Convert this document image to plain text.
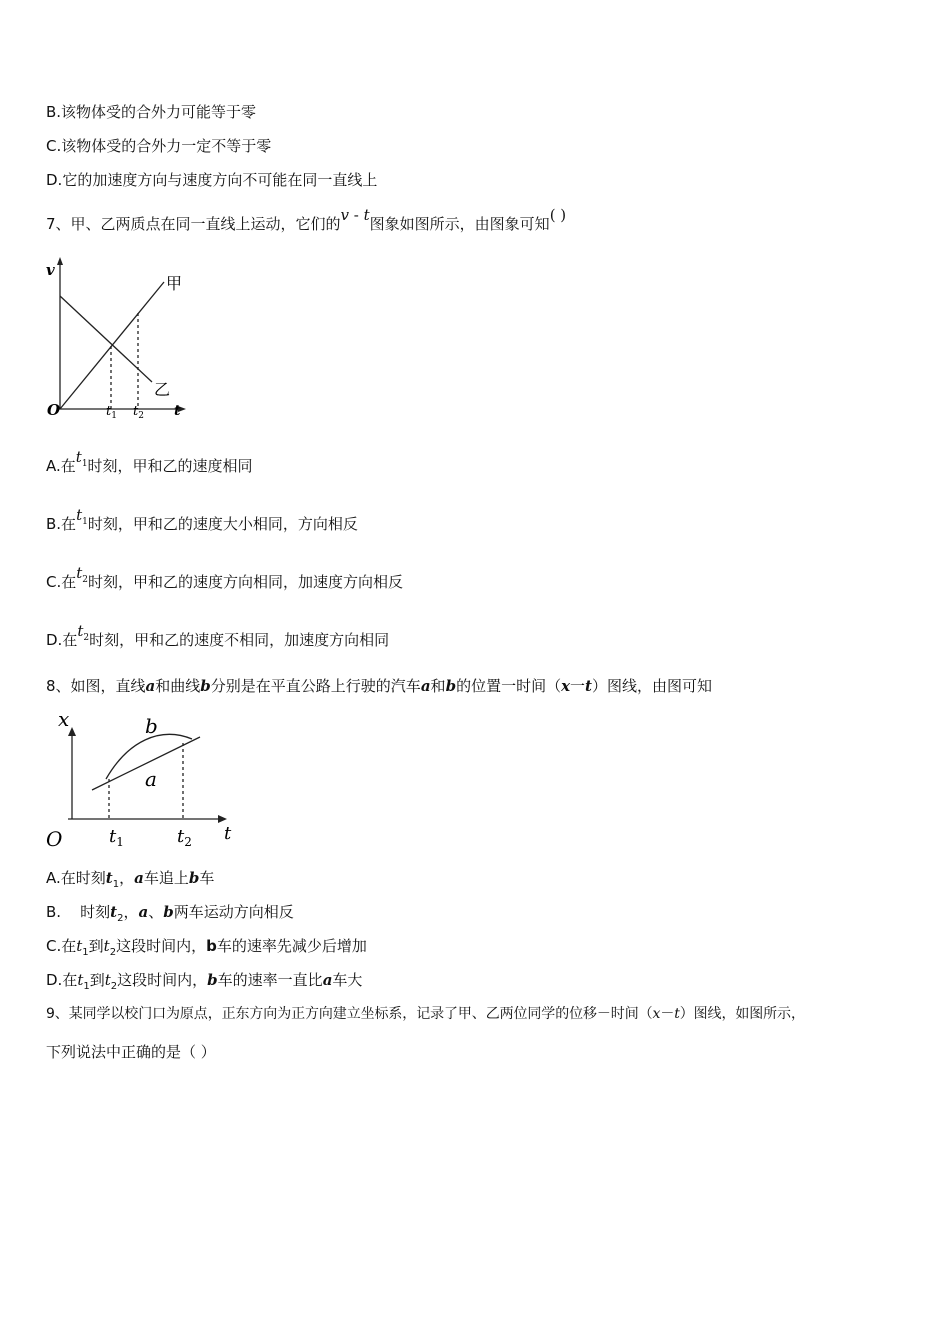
B.该物体受的合外力可能等于零
C.该物体受的合外力一定不等于零
D.它的加速度方向与速度方向不可能在同一直线上
7、甲、乙两质点在同一直线上运动，它们的v - t图象如图所示，由图象可知( )
v
t
O	$t_1$ $t_2$
甲
乙
A.在$t_1$时刻，甲和乙的速度相同
B.在$t_1$时刻，甲和乙的速度大小相同，方向相反
C.在$t_2$时刻，甲和乙的速度方向相同，加速度方向相反
D.在$t_2$时刻，甲和乙的速度不相同，加速度方向相同
8、如图，直线a和曲线b分别是在平直公路上行驶的汽车a和b的位置一时间（x一t）图线，由图可知
x
t
O
b
a
$t_1$	$t_2$
A.在时刻$t_1$，a车追上b车
B.    时刻$t_2$，a、b两车运动方向相反
C.在$t_1$到$t_2$这段时间内，b车的速率先减少后增加
D.在$t_1$到$t_2$这段时间内，b车的速率一直比a车大
9、某同学以校门口为原点，正东方向为正方向建立坐标系，记录了甲、乙两位同学的位移－时间（x－t）图线，如图所示，
下列说法中正确的是（ ）
